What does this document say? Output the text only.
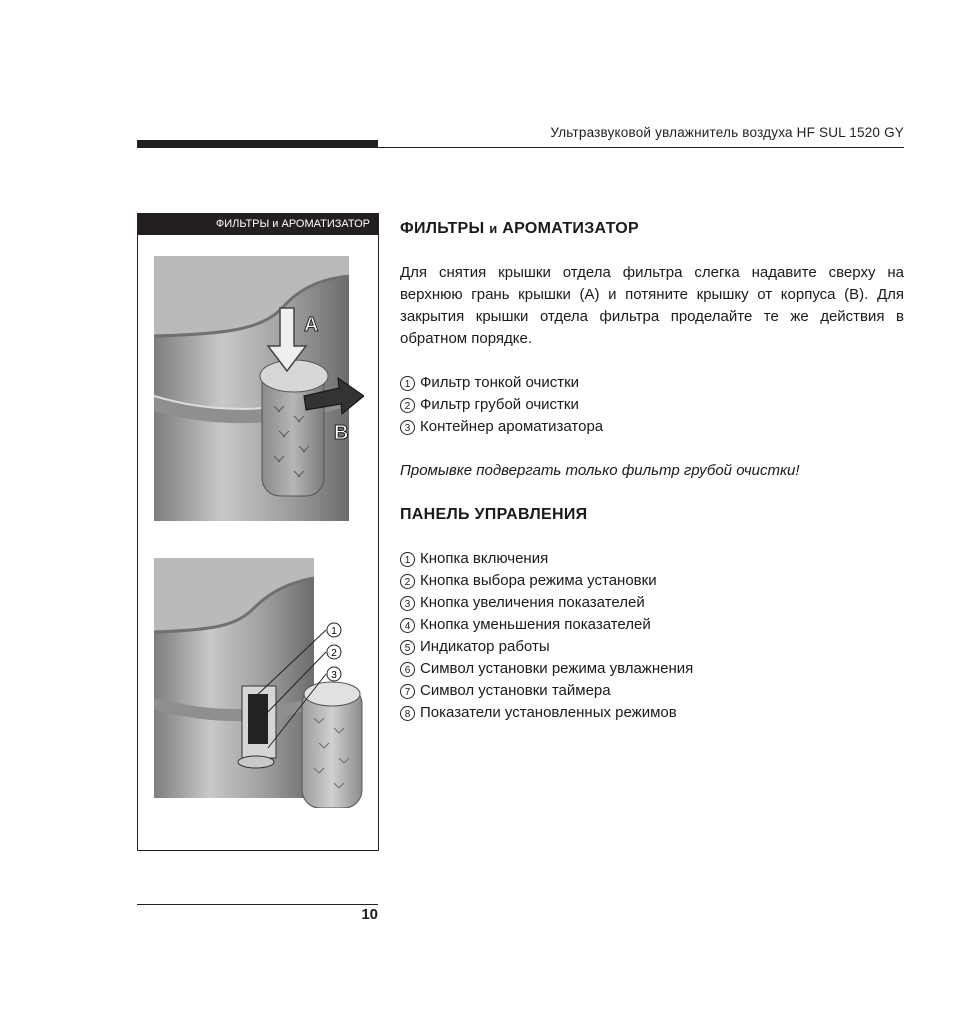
Ультразвуковой увлажнитель воздуха HF SUL 1520 GY
ФИЛЬТРЫ и АРОМАТИЗАТОР
A
B
1
2
3
ФИЛЬТРЫ и АРОМАТИЗАТОР

Для снятия крышки отдела фильтра слегка надавите сверху на верхнюю грань крышки (A) и потяните крышку от корпуса (B). Для закрытия крышки отдела фильтра проделайте те же действия в обратном порядке.

1 Фильтр тонкой очистки
2 Фильтр грубой очистки
3 Контейнер ароматизатора

Промывке подвергать только фильтр грубой очистки!

ПАНЕЛЬ УПРАВЛЕНИЯ
1 Кнопка включения
2 Кнопка выбора режима установки
3 Кнопка увеличения показателей
4 Кнопка уменьшения показателей
5 Индикатор работы
6 Символ установки режима увлажнения
7 Символ установки таймера
8 Показатели установленных режимов
10
